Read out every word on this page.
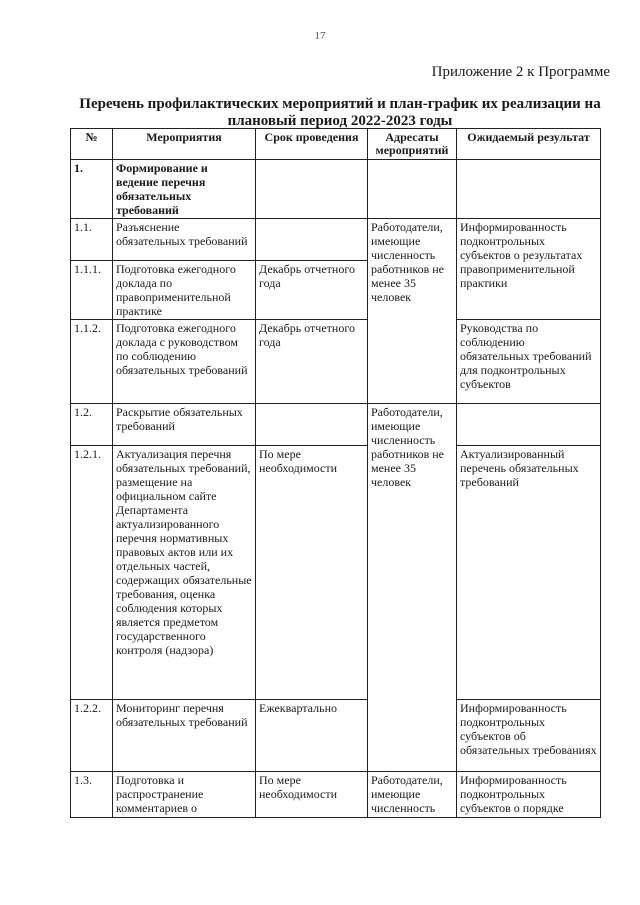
17
Приложение 2 к Программе
Перечень профилактических мероприятий и план-график их реализации на плановый период 2022-2023 годы
№	Мероприятия	Срок проведения	Адресаты мероприятий	Ожидаемый результат
1.	Формирование и ведение перечня обязательных требований			
1.1.	Разъяснение обязательных требований		Работодатели, имеющие численность работников не менее 35 человек	Информированность подконтрольных субъектов о результатах правоприменительной практики
1.1.1.	Подготовка ежегодного доклада по правоприменительной практике	Декабрь отчетного года		
1.1.2.	Подготовка ежегодного доклада с руководством по соблюдению обязательных требований	Декабрь отчетного года		Руководства по соблюдению обязательных требований для подконтрольных субъектов
1.2.	Раскрытие обязательных требований		Работодатели, имеющие численность работников не менее 35 человек	
1.2.1.	Актуализация перечня обязательных требований, размещение на официальном сайте Департамента актуализированного перечня нормативных правовых актов или их отдельных частей, содержащих обязательные требования, оценка соблюдения которых является предметом государственного контроля (надзора)	По мере необходимости		Актуализированный перечень обязательных требований
1.2.2.	Мониторинг перечня обязательных требований	Ежеквартально		Информированность подконтрольных субъектов об обязательных требованиях
1.3.	Подготовка и распространение комментариев о	По мере необходимости	Работодатели, имеющие численность	Информированность подконтрольных субъектов о порядке
